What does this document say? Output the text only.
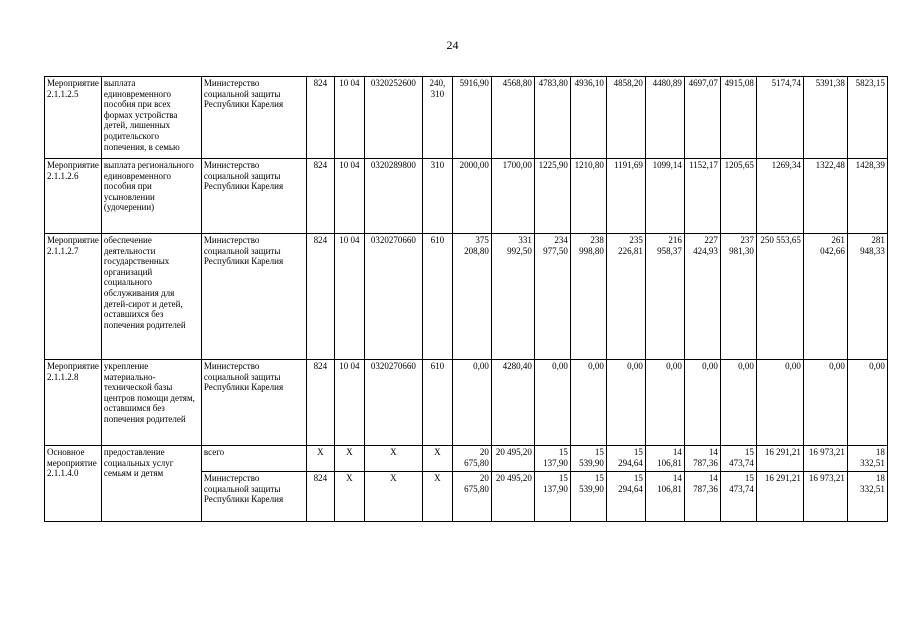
24
Мероприятие 2.1.1.2.5	выплата единовременного пособия при всех формах устройства детей, лишенных родительского попечения, в семью	Министерство социальной защиты Республики Карелия	824	10 04	0320252600	240, 310	5916,90	4568,80	4783,80	4936,10	4858,20	4480,89	4697,07	4915,08	5174,74	5391,38	5823,15
Мероприятие 2.1.1.2.6	выплата регионального единовременного пособия при усыновлении (удочерении)	Министерство социальной защиты Республики Карелия	824	10 04	0320289800	310	2000,00	1700,00	1225,90	1210,80	1191,69	1099,14	1152,17	1205,65	1269,34	1322,48	1428,39
Мероприятие 2.1.1.2.7	обеспечение деятельности государственных организаций социального обслуживания для детей-сирот и детей, оставшихся без попечения родителей	Министерство социальной защиты Республики Карелия	824	10 04	0320270660	610	375 208,80	331 992,50	234 977,50	238 998,80	235 226,81	216 958,37	227 424,93	237 981,30	250 553,65	261 042,66	281 948,33
Мероприятие 2.1.1.2.8	укрепление материально-технической базы центров помощи детям, оставшимся без попечения родителей	Министерство социальной защиты Республики Карелия	824	10 04	0320270660	610	0,00	4280,40	0,00	0,00	0,00	0,00	0,00	0,00	0,00	0,00	0,00
Основное мероприятие 2.1.1.4.0	предоставление социальных услуг семьям и детям	всего	X	X	X	X	20 675,80	20 495,20	15 137,90	15 539,90	15 294,64	14 106,81	14 787,36	15 473,74	16 291,21	16 973,21	18 332,51
		Министерство социальной защиты Республики Карелия	824	X	X	X	20 675,80	20 495,20	15 137,90	15 539,90	15 294,64	14 106,81	14 787,36	15 473,74	16 291,21	16 973,21	18 332,51
